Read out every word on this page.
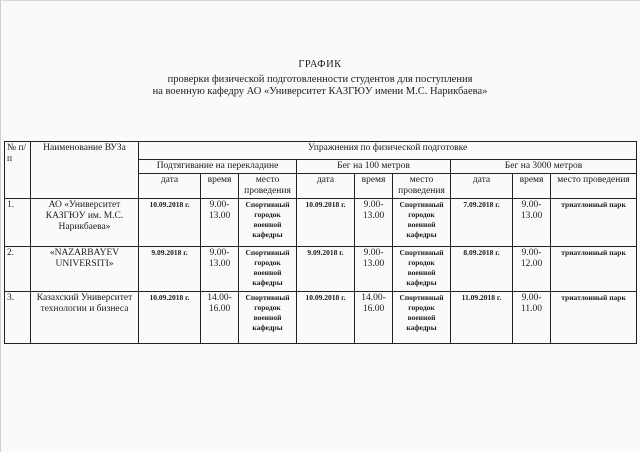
ГРАФИК
проверки физической подготовленности студентов для поступления
на военную кафедру АО «Университет КАЗГЮУ имени М.С. Нарикбаева»
№ п/п	Наименование ВУЗа	Упражнения по физической подготовке								
		Подтягивание на перекладине			Бег на 100 метров			Бег на 3000 метров		
		дата	время	место проведения	дата	время	место проведения	дата	время	место проведения
1.	АО «Университет КАЗГЮУ им. М.С. Нарикбаева»	10.09.2018 г.	9.00-13.00	Спортивный городок военной кафедры	10.09.2018 г.	9.00-13.00	Спортивный городок военной кафедры	7.09.2018 г.	9.00-13.00	триатлонный парк
2.	«NAZARBAYEV UNIVERSITI»	9.09.2018 г.	9.00-13.00	Спортивный городок военной кафедры	9.09.2018 г.	9.00-13.00	Спортивный городок военной кафедры	8.09.2018 г.	9.00-12.00	триатлонный парк
3.	Казахский Университет технологии и бизнеса	10.09.2018 г.	14.00-16.00	Спортивный городок военной кафедры	10.09.2018 г.	14.00-16.00	Спортивный городок военной кафедры	11.09.2018 г.	9.00-11.00	триатлонный парк
